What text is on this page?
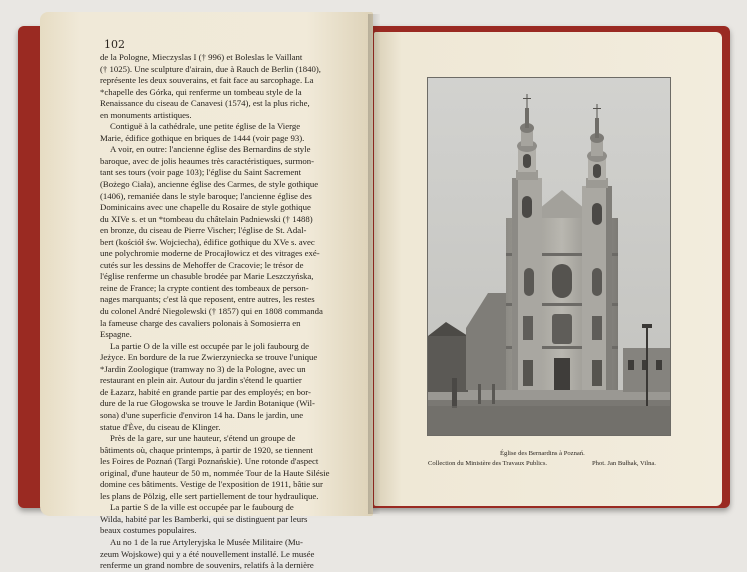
102
de la Pologne, Mieczyslas I († 996) et Boleslas le Vaillant
(† 1025). Une sculpture d'airain, due à Rauch de Berlin (1840),
représente les deux souverains, et fait face au sarcophage. La
*chapelle des Górka, qui renferme un tombeau style de la
Renaissance du ciseau de Canavesi (1574), est la plus riche,
en monuments artistiques.
Contiguë à la cathédrale, une petite église de la Vierge
Marie, édifice gothique en briques de 1444 (voir page 93).
A voir, en outre: l'ancienne église des Bernardins de style
baroque, avec de jolis heaumes très caractéristiques, surmon-
tant ses tours (voir page 103); l'église du Saint Sacrement
(Bożego Ciała), ancienne église des Carmes, de style gothique
(1406), remaniée dans le style baroque; l'ancienne église des
Dominicains avec une chapelle du Rosaire de style gothique
du XIVe s. et un *tombeau du châtelain Padniewski († 1488)
en bronze, du ciseau de Pierre Vischer; l'église de St. Adal-
bert (kościół św. Wojciecha), édifice gothique du XVe s. avec
une polychromie moderne de Procajłowicz et des vitrages exé-
cutés sur les dessins de Mehoffer de Cracovie; le trésor de
l'église renferme un chasuble brodée par Marie Leszczyńska,
reine de France; la crypte contient des tombeaux de person-
nages marquants; c'est là que reposent, entre autres, les restes
du colonel André Niegolewski († 1857) qui en 1808 commanda
la fameuse charge des cavaliers polonais à Somosierra en
Espagne.
La partie O de la ville est occupée par le joli faubourg de
Jeżyce. En bordure de la rue Zwierzyniecka se trouve l'unique
*Jardin Zoologique (tramway no 3) de la Pologne, avec un
restaurant en plein air. Autour du jardin s'étend le quartier
de Łazarz, habité en grande partie par des employés; en bor-
dure de la rue Głogowska se trouve le Jardin Botanique (Wil-
sona) d'une superficie d'environ 14 ha. Dans le jardin, une
statue d'Ève, du ciseau de Klinger.
Près de la gare, sur une hauteur, s'étend un groupe de
bâtiments où, chaque printemps, à partir de 1920, se tiennent
les Foires de Poznań (Targi Poznańskie). Une rotonde d'aspect
original, d'une hauteur de 50 m, nommée Tour de la Haute Silésie
domine ces bâtiments. Vestige de l'exposition de 1911, bâtie sur
les plans de Pölzig, elle sert partiellement de tour hydraulique.
La partie S de la ville est occupée par le faubourg de
Wilda, habité par les Bamberki, qui se distinguent par leurs
beaux costumes populaires.
Au no 1 de la rue Artyleryjska le Musée Militaire (Mu-
zeum Wojskowe) qui y a été nouvellement installé. Le musée
renferme un grand nombre de souvenirs, relatifs à la dernière
Église des Bernardins à Poznań.
Collection du Ministère des Travaux Publics.	Phot. Jan Bułhak, Vilna.
